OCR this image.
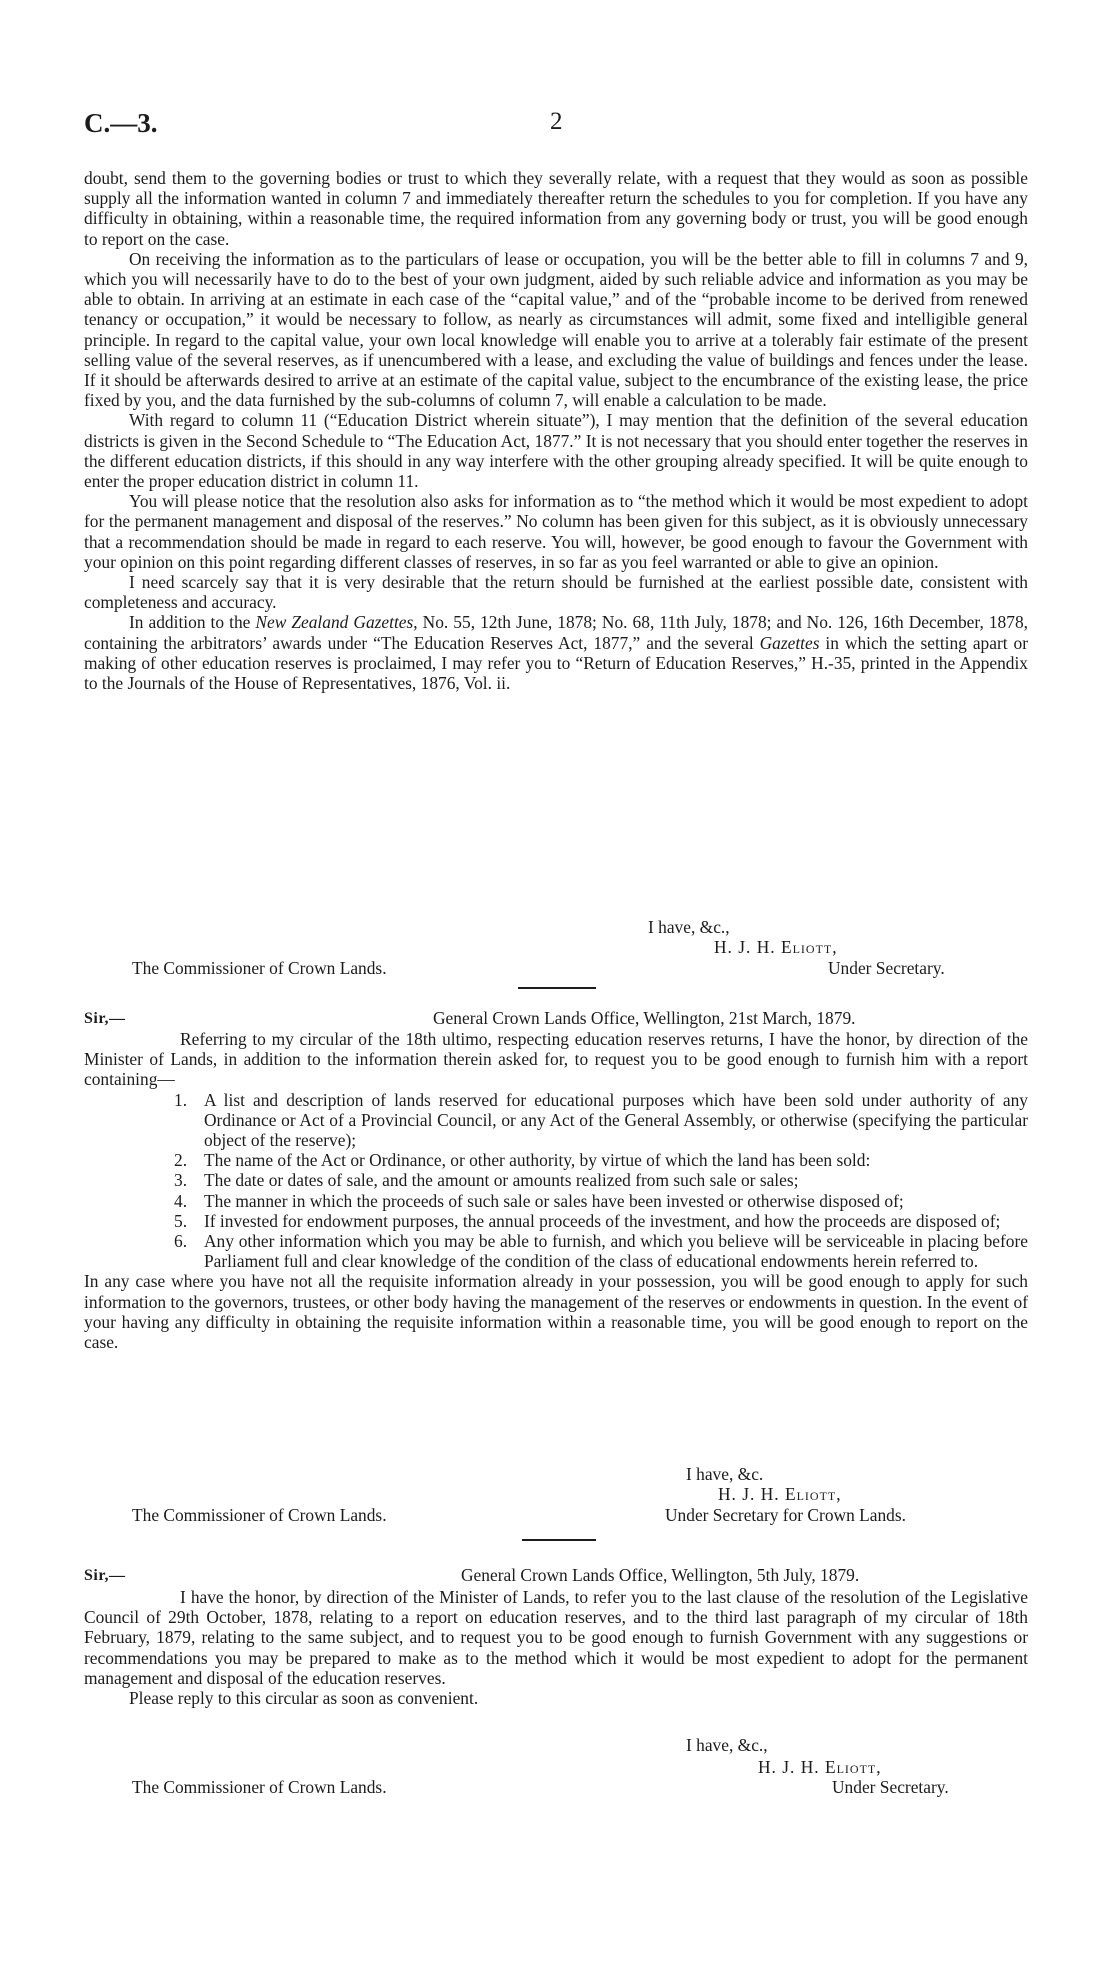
C.—3.	2

doubt, send them to the governing bodies or trust to which they severally relate, with a request that they would as soon as possible supply all the information wanted in column 7 and immediately thereafter return the schedules to you for completion. If you have any difficulty in obtaining, within a reasonable time, the required information from any governing body or trust, you will be good enough to report on the case.

On receiving the information as to the particulars of lease or occupation, you will be the better able to fill in columns 7 and 9, which you will necessarily have to do to the best of your own judgment, aided by such reliable advice and information as you may be able to obtain. In arriving at an estimate in each case of the “capital value,” and of the “probable income to be derived from renewed tenancy or occupation,” it would be necessary to follow, as nearly as circumstances will admit, some fixed and intelligible general principle. In regard to the capital value, your own local knowledge will enable you to arrive at a tolerably fair estimate of the present selling value of the several reserves, as if unencumbered with a lease, and excluding the value of buildings and fences under the lease. If it should be afterwards desired to arrive at an estimate of the capital value, subject to the encumbrance of the existing lease, the price fixed by you, and the data furnished by the sub-columns of column 7, will enable a calculation to be made.

With regard to column 11 (“Education District wherein situate”), I may mention that the definition of the several education districts is given in the Second Schedule to “The Education Act, 1877.” It is not necessary that you should enter together the reserves in the different education districts, if this should in any way interfere with the other grouping already specified. It will be quite enough to enter the proper education district in column 11.

You will please notice that the resolution also asks for information as to “the method which it would be most expedient to adopt for the permanent management and disposal of the reserves.” No column has been given for this subject, as it is obviously unnecessary that a recommendation should be made in regard to each reserve. You will, however, be good enough to favour the Government with your opinion on this point regarding different classes of reserves, in so far as you feel warranted or able to give an opinion.

I need scarcely say that it is very desirable that the return should be furnished at the earliest possible date, consistent with completeness and accuracy.

In addition to the New Zealand Gazettes, No. 55, 12th June, 1878; No. 68, 11th July, 1878; and No. 126, 16th December, 1878, containing the arbitrators’ awards under “The Education Reserves Act, 1877,” and the several Gazettes in which the setting apart or making of other education reserves is proclaimed, I may refer you to “Return of Education Reserves,” H.-35, printed in the Appendix to the Journals of the House of Representatives, 1876, Vol. ii.

I have, &c.,
H. J. H. Eliott,
The Commissioner of Crown Lands.	Under Secretary.
Sir,—	General Crown Lands Office, Wellington, 21st March, 1879.

Referring to my circular of the 18th ultimo, respecting education reserves returns, I have the honor, by direction of the Minister of Lands, in addition to the information therein asked for, to request you to be good enough to furnish him with a report containing—

1. A list and description of lands reserved for educational purposes which have been sold under authority of any Ordinance or Act of a Provincial Council, or any Act of the General Assembly, or otherwise (specifying the particular object of the reserve);
2. The name of the Act or Ordinance, or other authority, by virtue of which the land has been sold:
3. The date or dates of sale, and the amount or amounts realized from such sale or sales;
4. The manner in which the proceeds of such sale or sales have been invested or otherwise disposed of;
5. If invested for endowment purposes, the annual proceeds of the investment, and how the proceeds are disposed of;
6. Any other information which you may be able to furnish, and which you believe will be serviceable in placing before Parliament full and clear knowledge of the condition of the class of educational endowments herein referred to.

In any case where you have not all the requisite information already in your possession, you will be good enough to apply for such information to the governors, trustees, or other body having the management of the reserves or endowments in question. In the event of your having any difficulty in obtaining the requisite information within a reasonable time, you will be good enough to report on the case.

I have, &c.
H. J. H. Eliott,
The Commissioner of Crown Lands.	Under Secretary for Crown Lands.
Sir,—	General Crown Lands Office, Wellington, 5th July, 1879.

I have the honor, by direction of the Minister of Lands, to refer you to the last clause of the resolution of the Legislative Council of 29th October, 1878, relating to a report on education reserves, and to the third last paragraph of my circular of 18th February, 1879, relating to the same subject, and to request you to be good enough to furnish Government with any suggestions or recommendations you may be prepared to make as to the method which it would be most expedient to adopt for the permanent management and disposal of the education reserves.

Please reply to this circular as soon as convenient.

I have, &c.,
H. J. H. Eliott,
The Commissioner of Crown Lands.	Under Secretary.
